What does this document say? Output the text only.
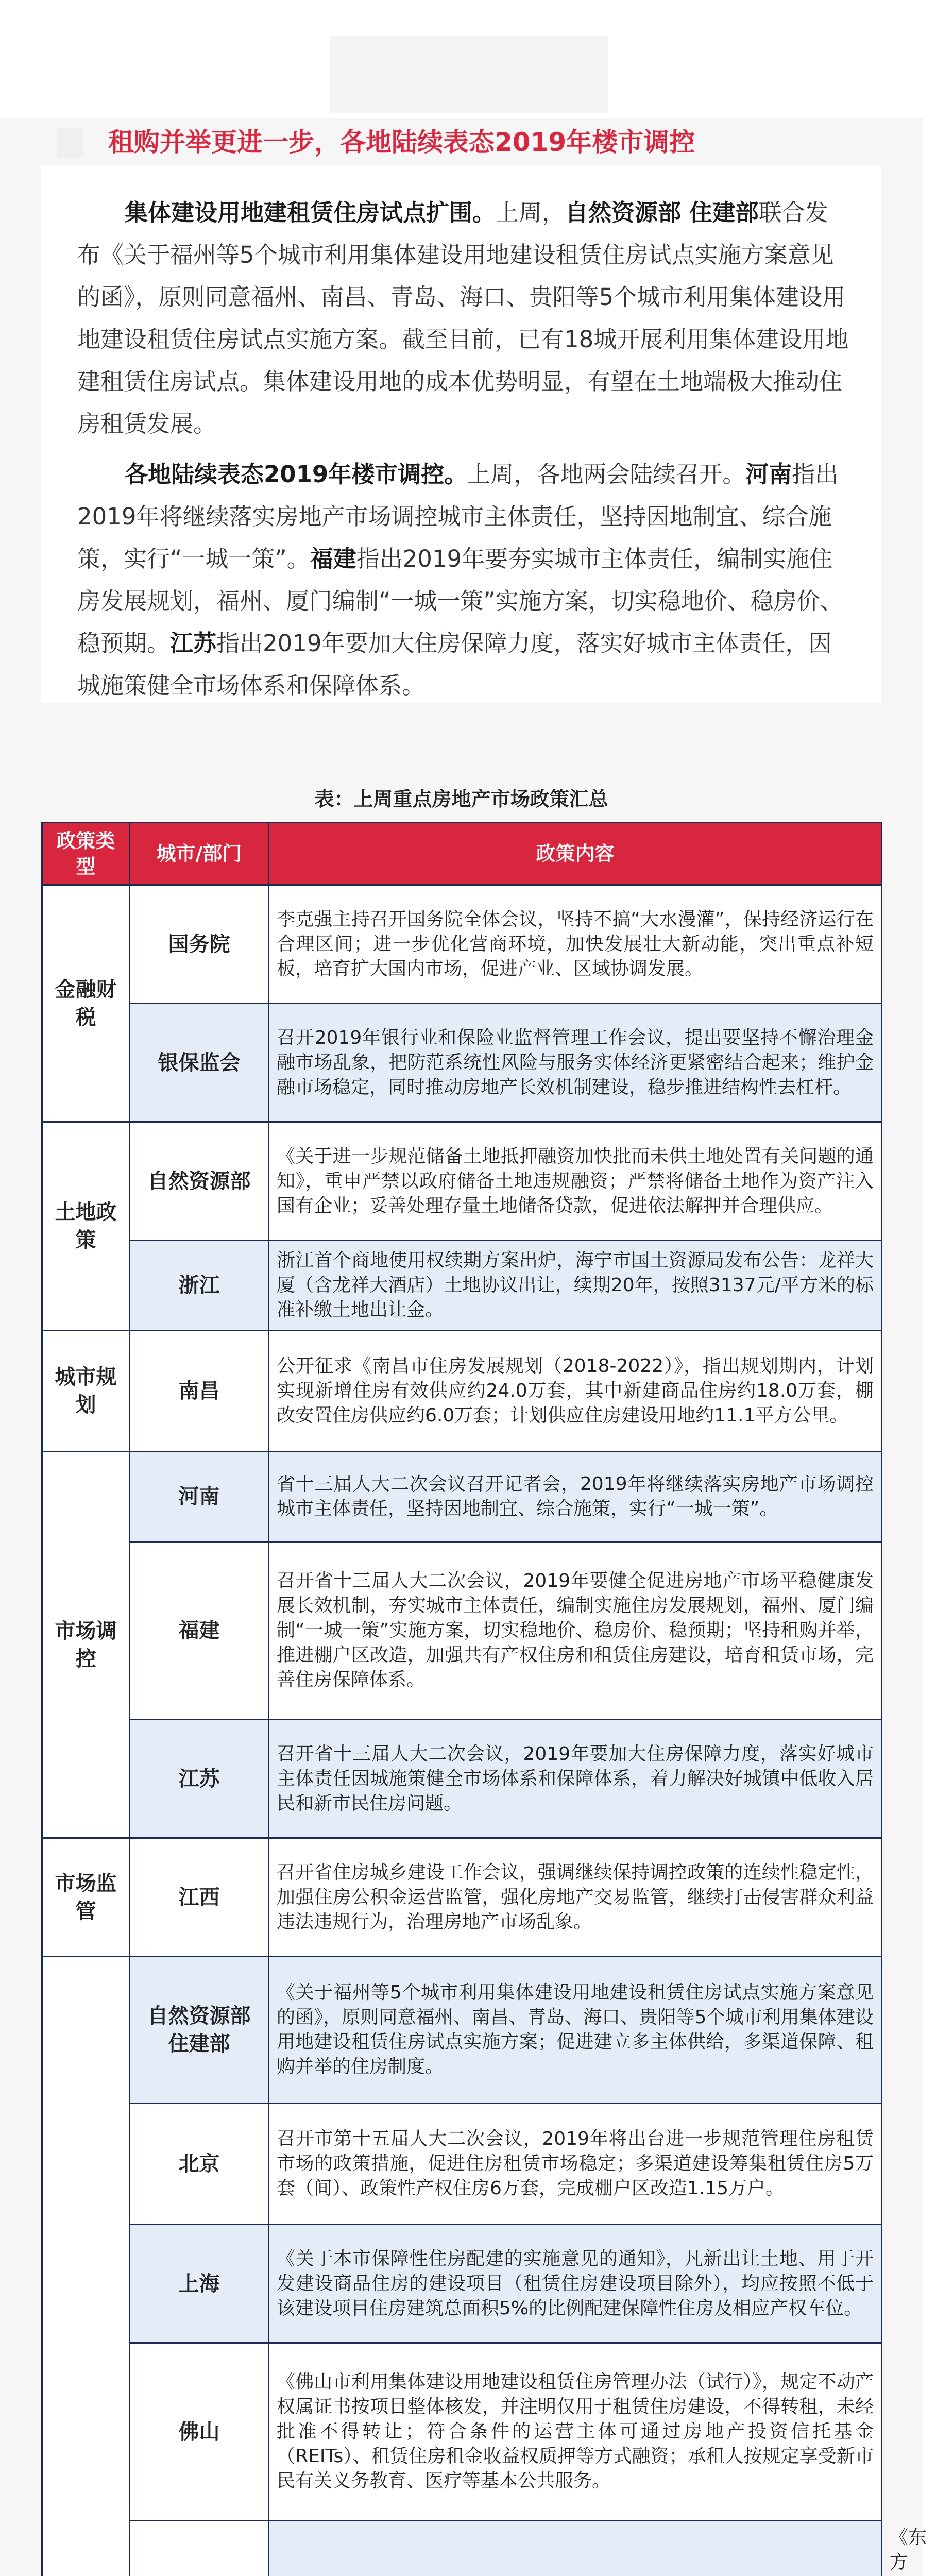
租购并举更进一步，各地陆续表态2019年楼市调控
集体建设用地建租赁住房试点扩围。上周，自然资源部 住建部联合发布《关于福州等5个城市利用集体建设用地建设租赁住房试点实施方案意见的函》，原则同意福州、南昌、青岛、海口、贵阳等5个城市利用集体建设用地建设租赁住房试点实施方案。截至目前，已有18城开展利用集体建设用地建租赁住房试点。集体建设用地的成本优势明显，有望在土地端极大推动住房租赁发展。
各地陆续表态2019年楼市调控。上周，各地两会陆续召开。河南指出2019年将继续落实房地产市场调控城市主体责任，坚持因地制宜、综合施策，实行“一城一策”。福建指出2019年要夯实城市主体责任，编制实施住房发展规划，福州、厦门编制“一城一策”实施方案，切实稳地价、稳房价、稳预期。江苏指出2019年要加大住房保障力度，落实好城市主体责任，因城施策健全市场体系和保障体系。
表：上周重点房地产市场政策汇总
政策类型	城市/部门	政策内容	
金融财税	国务院	李克强主持召开国务院全体会议，坚持不搞“大水漫灌”，保持经济运行在合理区间；进一步优化营商环境，加快发展壮大新动能，突出重点补短板，培育扩大国内市场，促进产业、区域协调发展。	
	银保监会	召开2019年银行业和保险业监督管理工作会议，提出要坚持不懈治理金融市场乱象，把防范系统性风险与服务实体经济更紧密结合起来；维护金融市场稳定，同时推动房地产长效机制建设，稳步推进结构性去杠杆。	
土地政策	自然资源部	《关于进一步规范储备土地抵押融资加快批而未供土地处置有关问题的通知》，重申严禁以政府储备土地违规融资；严禁将储备土地作为资产注入国有企业；妥善处理存量土地储备贷款，促进依法解押并合理供应。	
	浙江	浙江首个商地使用权续期方案出炉，海宁市国土资源局发布公告：龙祥大厦（含龙祥大酒店）土地协议出让，续期20年，按照3137元/平方米的标准补缴土地出让金。	
城市规划	南昌	公开征求《南昌市住房发展规划（2018-2022）》，指出规划期内，计划实现新增住房有效供应约24.0万套，其中新建商品住房约18.0万套，棚改安置住房供应约6.0万套；计划供应住房建设用地约11.1平方公里。	
市场调控	河南	省十三届人大二次会议召开记者会，2019年将继续落实房地产市场调控城市主体责任，坚持因地制宜、综合施策，实行“一城一策”。	
	福建	召开省十三届人大二次会议，2019年要健全促进房地产市场平稳健康发展长效机制，夯实城市主体责任，编制实施住房发展规划，福州、厦门编制“一城一策”实施方案，切实稳地价、稳房价、稳预期；坚持租购并举，推进棚户区改造，加强共有产权住房和租赁住房建设，培育租赁市场，完善住房保障体系。	
	江苏	召开省十三届人大二次会议，2019年要加大住房保障力度，落实好城市主体责任因城施策健全市场体系和保障体系，着力解决好城镇中低收入居民和新市民住房问题。	
市场监管	江西	召开省住房城乡建设工作会议，强调继续保持调控政策的连续性稳定性，加强住房公积金运营监管，强化房地产交易监管，继续打击侵害群众利益违法违规行为，治理房地产市场乱象。	
	自然资源部住建部	《关于福州等5个城市利用集体建设用地建设租赁住房试点实施方案意见的函》，原则同意福州、南昌、青岛、海口、贵阳等5个城市利用集体建设用地建设租赁住房试点实施方案；促进建立多主体供给，多渠道保障、租购并举的住房制度。	
	北京	召开市第十五届人大二次会议，2019年将出台进一步规范管理住房租赁市场的政策措施，促进住房租赁市场稳定；多渠道建设筹集租赁住房5万套（间）、政策性产权住房6万套，完成棚户区改造1.15万户。	
	上海	《关于本市保障性住房配建的实施意见的通知》，凡新出让土地、用于开发建设商品住房的建设项目（租赁住房建设项目除外），均应按照不低于该建设项目住房建筑总面积5%的比例配建保障性住房及相应产权车位。	
	佛山	《佛山市利用集体建设用地建设租赁住房管理办法（试行）》，规定不动产权属证书按项目整体核发，并注明仅用于租赁住房建设，不得转租，未经批准不得转让；符合条件的运营主体可通过房地产投资信托基金（REITs）、租赁住房租金收益权质押等方式融资；承租人按规定享受新市民有关义务教育、医疗等基本公共服务。	
		《东方
